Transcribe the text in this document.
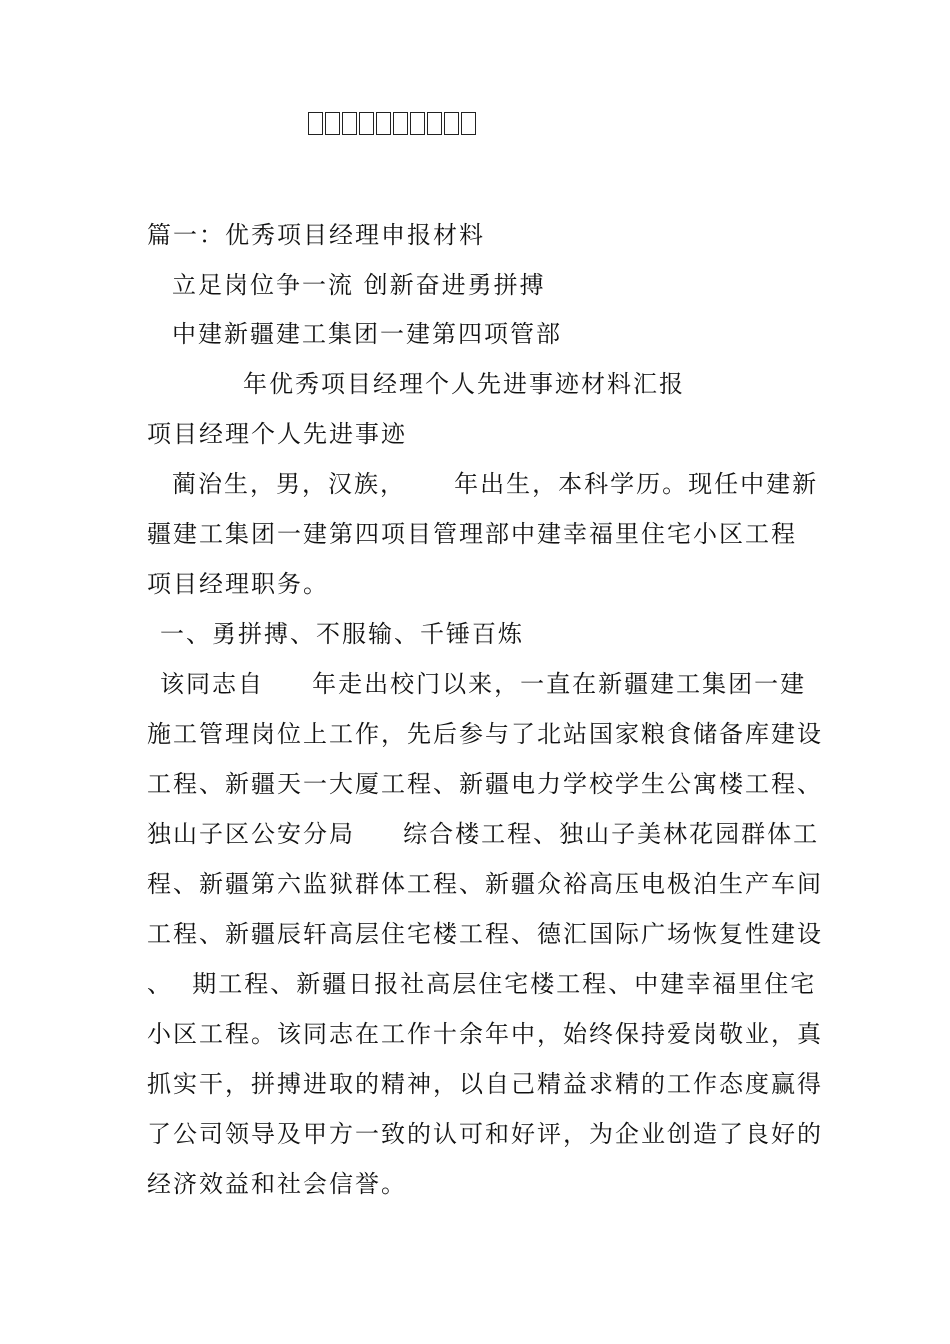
篇一：优秀项目经理申报材料
立足岗位争一流 创新奋进勇拼搏
中建新疆建工集团一建第四项管部
年优秀项目经理个人先进事迹材料汇报
项目经理个人先进事迹
蔺治生，男，汉族，     年出生，本科学历。现任中建新
疆建工集团一建第四项目管理部中建幸福里住宅小区工程
项目经理职务。
一、勇拼搏、不服输、千锤百炼
该同志自     年走出校门以来，一直在新疆建工集团一建
施工管理岗位上工作，先后参与了北站国家粮食储备库建设
工程、新疆天一大厦工程、新疆电力学校学生公寓楼工程、
独山子区公安分局     综合楼工程、独山子美林花园群体工
程、新疆第六监狱群体工程、新疆众裕高压电极泊生产车间
工程、新疆辰轩高层住宅楼工程、德汇国际广场恢复性建设
、  期工程、新疆日报社高层住宅楼工程、中建幸福里住宅
小区工程。该同志在工作十余年中，始终保持爱岗敬业，真
抓实干，拼搏进取的精神，以自己精益求精的工作态度赢得
了公司领导及甲方一致的认可和好评，为企业创造了良好的
经济效益和社会信誉。
